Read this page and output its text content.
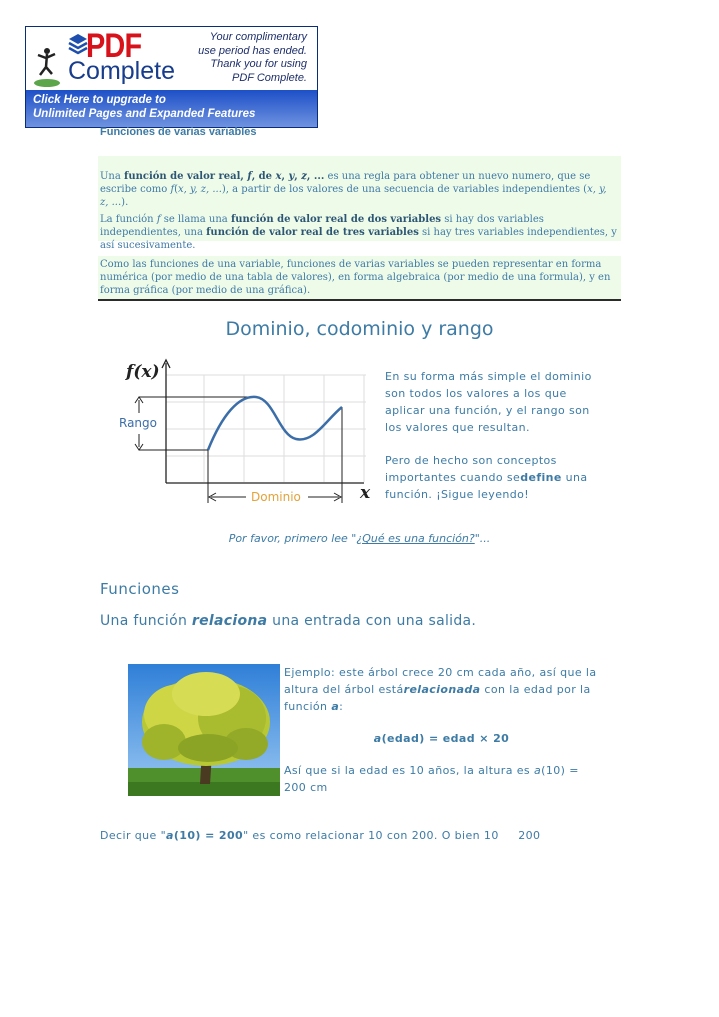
PDF
Complete
Your complimentary
use period has ended.
Thank you for using
PDF Complete.
Click Here to upgrade to
Unlimited Pages and Expanded Features
Funciones de varias variables

Una función de valor real, f, de x, y, z, ... es una regla para obtener un nuevo numero, que se escribe como f(x, y, z, ...), a partir de los valores de una secuencia de variables independientes (x, y, z, ...).

La función f se llama una función de valor real de dos variables si hay dos variables independientes, una función de valor real de tres variables si hay tres variables independientes, y así sucesivamente.

Como las funciones de una variable, funciones de varias variables se pueden representar en forma numérica (por medio de una tabla de valores), en forma algebraica (por medio de una formula), y en forma gráfica (por medio de una gráfica).

Dominio, codominio y rango
f(x)
x
Rango
Dominio

En su forma más simple el dominio son todos los valores a los que aplicar una función, y el rango son los valores que resultan.

Pero de hecho son conceptos importantes cuando sedefine una función. ¡Sigue leyendo!

Por favor, primero lee "¿Qué es una función?"...
Funciones
Una función relaciona una entrada con una salida.

Ejemplo: este árbol crece 20 cm cada año, así que la altura del árbol estárelacionada con la edad por la función a:

a(edad) = edad × 20

Así que si la edad es 10 años, la altura es a(10) = 200 cm

Decir que "a(10) = 200" es como relacionar 10 con 200. O bien 10     200
